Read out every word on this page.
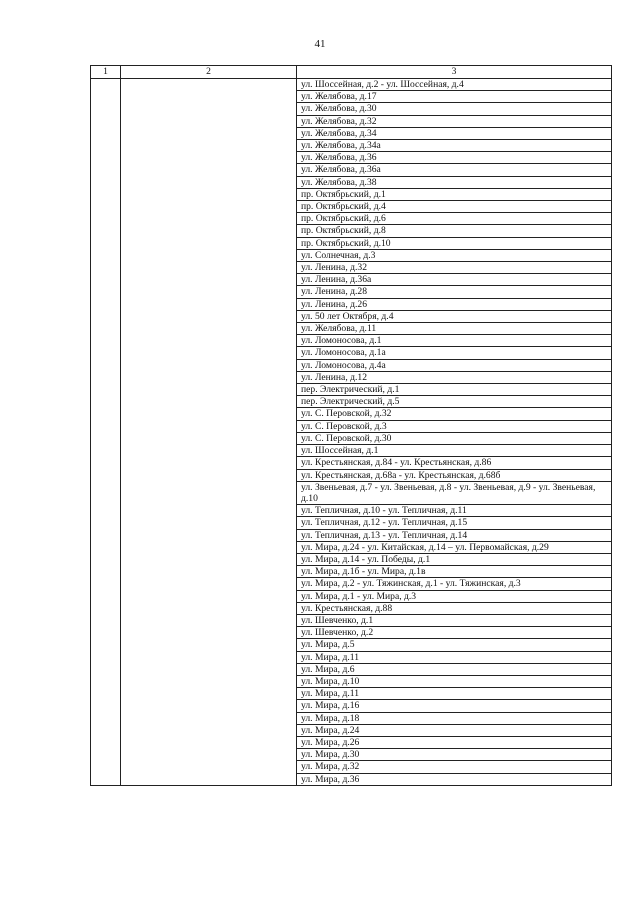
41
1	2	3
		ул. Шоссейная, д.2 - ул. Шоссейная, д.4
		ул. Желябова, д.17
		ул. Желябова, д.30
		ул. Желябова, д.32
		ул. Желябова, д.34
		ул. Желябова, д.34а
		ул. Желябова, д.36
		ул. Желябова, д.36а
		ул. Желябова, д.38
		пр. Октябрьский, д.1
		пр. Октябрьский, д.4
		пр. Октябрьский, д.6
		пр. Октябрьский, д.8
		пр. Октябрьский, д.10
		ул. Солнечная, д.3
		ул. Ленина, д.32
		ул. Ленина, д.36а
		ул. Ленина, д.28
		ул. Ленина, д.26
		ул. 50 лет Октября, д.4
		ул. Желябова, д.11
		ул. Ломоносова, д.1
		ул. Ломоносова, д.1а
		ул. Ломоносова, д.4а
		ул. Ленина, д.12
		пер. Электрический, д.1
		пер. Электрический, д.5
		ул. С. Перовской, д.32
		ул. С. Перовской, д.3
		ул. С. Перовской, д.30
		ул. Шоссейная, д.1
		ул. Крестьянская, д.84 - ул. Крестьянская, д.86
		ул. Крестьянская, д.68а - ул. Крестьянская, д.68б
		ул. Звеньевая, д.7 - ул. Звеньевая, д.8 - ул. Звеньевая, д.9 - ул. Звеньевая, д.10
		ул. Тепличная, д.10 - ул. Тепличная, д.11
		ул. Тепличная, д.12 - ул. Тепличная, д.15
		ул. Тепличная, д.13 - ул. Тепличная, д.14
		ул. Мира, д.24 - ул. Китайская, д.14 – ул. Первомайская, д.29
		ул. Мира, д.14 - ул. Победы, д.1
		ул. Мира, д.1б - ул. Мира, д.1в
		ул. Мира, д.2 - ул. Тяжинская, д.1 - ул. Тяжинская, д.3
		ул. Мира, д.1 - ул. Мира, д.3
		ул. Крестьянская, д.88
		ул. Шевченко, д.1
		ул. Шевченко, д.2
		ул. Мира, д.5
		ул. Мира, д.11
		ул. Мира, д.6
		ул. Мира, д.10
		ул. Мира, д.11
		ул. Мира, д.16
		ул. Мира, д.18
		ул. Мира, д.24
		ул. Мира, д.26
		ул. Мира, д.30
		ул. Мира, д.32
		ул. Мира, д.36
